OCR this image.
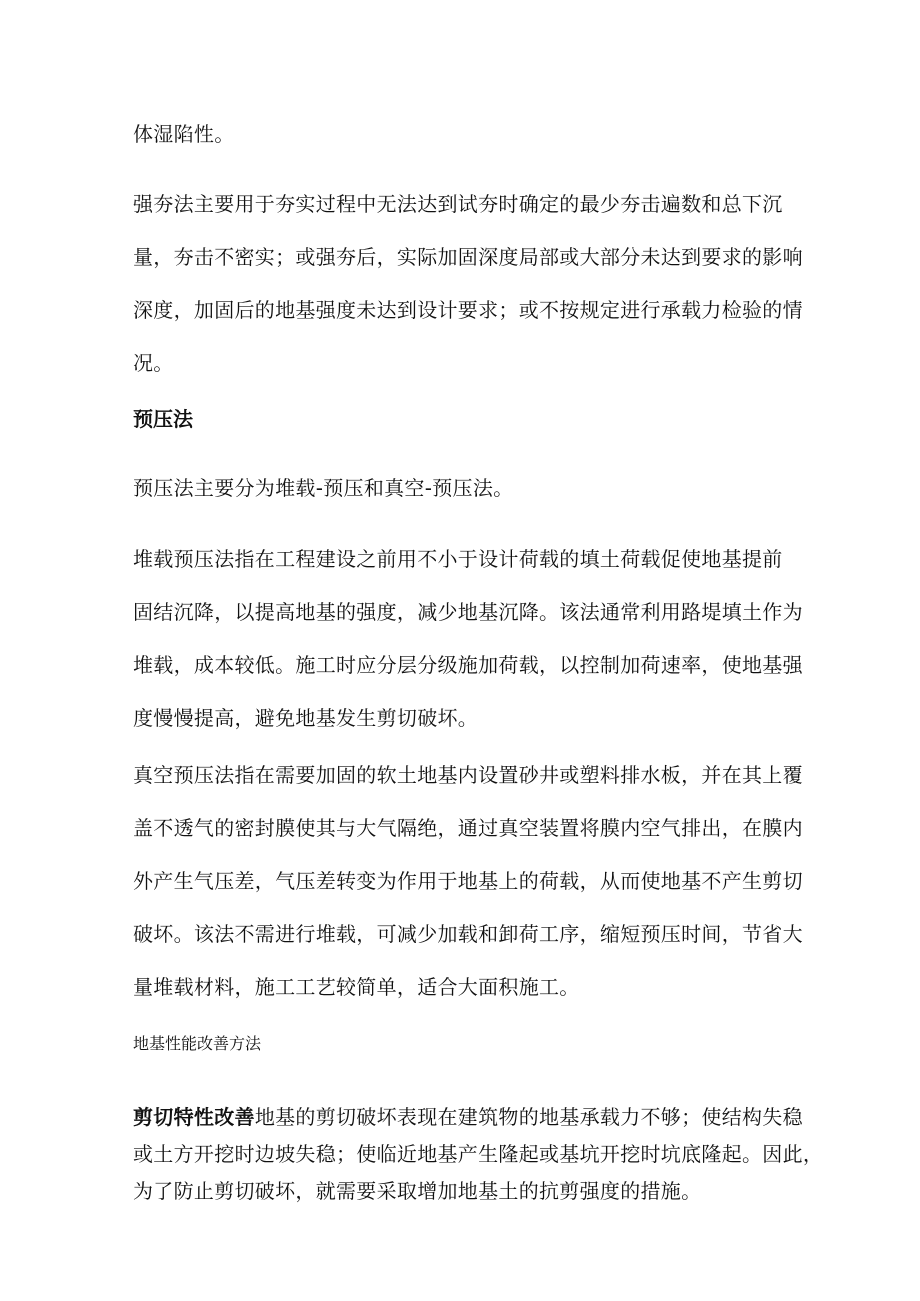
体湿陷性。

强夯法主要用于夯实过程中无法达到试夯时确定的最少夯击遍数和总下沉
量，夯击不密实；或强夯后，实际加固深度局部或大部分未达到要求的影响
深度，加固后的地基强度未达到设计要求；或不按规定进行承载力检验的情
况。

预压法

预压法主要分为堆载-预压和真空-预压法。

堆载预压法指在工程建设之前用不小于设计荷载的填土荷载促使地基提前
固结沉降，以提高地基的强度，减少地基沉降。该法通常利用路堤填土作为
堆载，成本较低。施工时应分层分级施加荷载，以控制加荷速率，使地基强
度慢慢提高，避免地基发生剪切破坏。

真空预压法指在需要加固的软土地基内设置砂井或塑料排水板，并在其上覆
盖不透气的密封膜使其与大气隔绝，通过真空装置将膜内空气排出，在膜内
外产生气压差，气压差转变为作用于地基上的荷载，从而使地基不产生剪切
破坏。该法不需进行堆载，可减少加载和卸荷工序，缩短预压时间，节省大
量堆载材料，施工工艺较简单，适合大面积施工。

地基性能改善方法

剪切特性改善地基的剪切破坏表现在建筑物的地基承载力不够；使结构失稳
或土方开挖时边坡失稳；使临近地基产生隆起或基坑开挖时坑底隆起。因此，
为了防止剪切破坏，就需要采取增加地基土的抗剪强度的措施。
